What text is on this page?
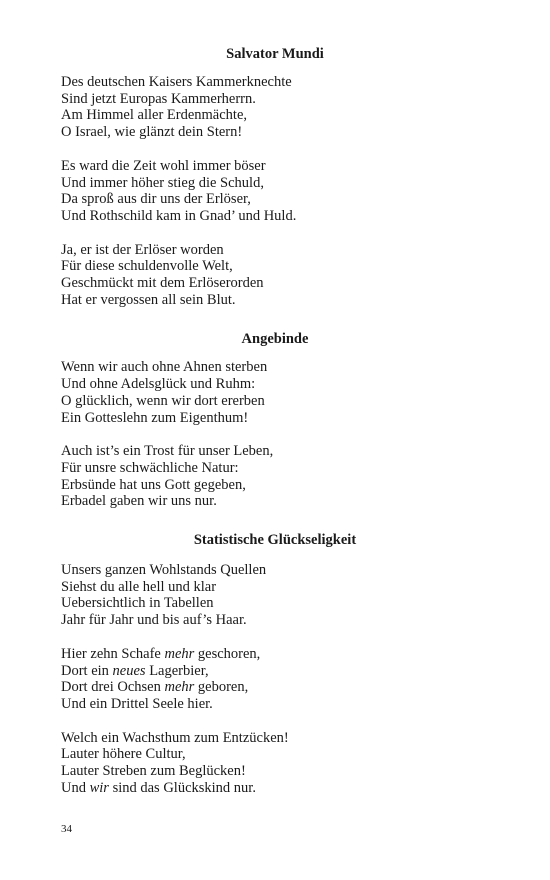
Salvator Mundi

Des deutschen Kaisers Kammerknechte

Sind jetzt Europas Kammerherrn.

Am Himmel aller Erdenmächte,

O Israel, wie glänzt dein Stern!

Es ward die Zeit wohl immer böser

Und immer höher stieg die Schuld,

Da sproß aus dir uns der Erlöser,

Und Rothschild kam in Gnad’ und Huld.

Ja, er ist der Erlöser worden

Für diese schuldenvolle Welt,

Geschmückt mit dem Erlöserorden

Hat er vergossen all sein Blut.

Angebinde

Wenn wir auch ohne Ahnen sterben

Und ohne Adelsglück und Ruhm:

O glücklich, wenn wir dort ererben

Ein Gotteslehn zum Eigenthum!

Auch ist’s ein Trost für unser Leben,

Für unsre schwächliche Natur:

Erbsünde hat uns Gott gegeben,

Erbadel gaben wir uns nur.

Statistische Glückseligkeit

Unsers ganzen Wohlstands Quellen

Siehst du alle hell und klar

Uebersichtlich in Tabellen

Jahr für Jahr und bis auf’s Haar.

Hier zehn Schafe mehr geschoren,

Dort ein neues Lagerbier,

Dort drei Ochsen mehr geboren,

Und ein Drittel Seele hier.

Welch ein Wachsthum zum Entzücken!

Lauter höhere Cultur,

Lauter Streben zum Beglücken!

Und wir sind das Glückskind nur.

34
